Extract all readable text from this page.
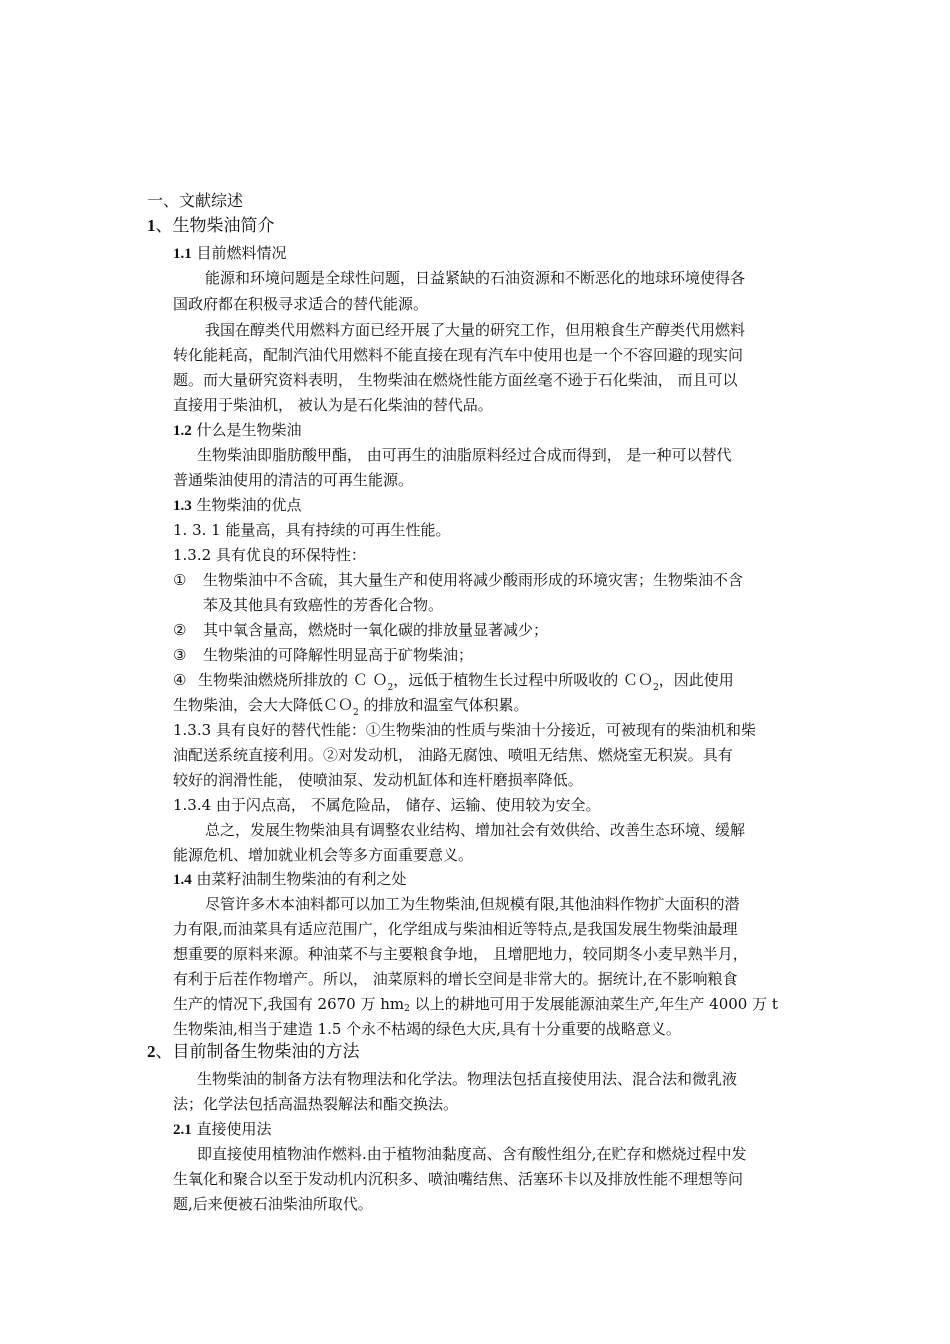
一、文献综述
1、生物柴油简介
1.1 目前燃料情况
能源和环境问题是全球性问题，日益紧缺的石油资源和不断恶化的地球环境使得各
国政府都在积极寻求适合的替代能源。
我国在醇类代用燃料方面已经开展了大量的研究工作，但用粮食生产醇类代用燃料
转化能耗高，配制汽油代用燃料不能直接在现有汽车中使用也是一个不容回避的现实问
题。而大量研究资料表明， 生物柴油在燃烧性能方面丝毫不逊于石化柴油， 而且可以
直接用于柴油机， 被认为是石化柴油的替代品。
1.2 什么是生物柴油
生物柴油即脂肪酸甲酯， 由可再生的油脂原料经过合成而得到， 是一种可以替代
普通柴油使用的清洁的可再生能源。
1.3 生物柴油的优点
1. 3. 1 能量高，具有持续的可再生性能。
1.3.2 具有优良的环保特性：
① 生物柴油中不含硫，其大量生产和使用将减少酸雨形成的环境灾害；生物柴油不含
苯及其他具有致癌性的芳香化合物。
② 其中氧含量高，燃烧时一氧化碳的排放量显著减少；
③ 生物柴油的可降解性明显高于矿物柴油；
④ 生物柴油燃烧所排放的 Ｃ Ｏ$_2$，远低于植物生长过程中所吸收的 ＣＯ$_2$，因此使用
生物柴油，会大大降低ＣＯ$_2$ 的排放和温室气体积累。
1.3.3 具有良好的替代性能：①生物柴油的性质与柴油十分接近，可被现有的柴油机和柴
油配送系统直接利用。②对发动机， 油路无腐蚀、喷咀无结焦、燃烧室无积炭。具有
较好的润滑性能， 使喷油泵、发动机缸体和连杆磨损率降低。
1.3.4 由于闪点高， 不属危险品， 储存、运输、使用较为安全。
总之，发展生物柴油具有调整农业结构、增加社会有效供给、改善生态环境、缓解
能源危机、增加就业机会等多方面重要意义。
1.4 由菜籽油制生物柴油的有利之处
尽管许多木本油料都可以加工为生物柴油,但规模有限,其他油料作物扩大面积的潜
力有限,而油菜具有适应范围广，化学组成与柴油相近等特点,是我国发展生物柴油最理
想重要的原料来源。种油菜不与主要粮食争地， 且增肥地力，较同期冬小麦早熟半月，
有利于后茬作物增产。所以， 油菜原料的增长空间是非常大的。据统计,在不影响粮食
生产的情况下,我国有 2670 万 $hm_2$ 以上的耕地可用于发展能源油菜生产,年生产 4000 万 t
生物柴油,相当于建造 1.5 个永不枯竭的绿色大庆,具有十分重要的战略意义。
2、目前制备生物柴油的方法
生物柴油的制备方法有物理法和化学法。物理法包括直接使用法、混合法和微乳液
法；化学法包括高温热裂解法和酯交换法。
2.1 直接使用法
即直接使用植物油作燃料.由于植物油黏度高、含有酸性组分,在贮存和燃烧过程中发
生氧化和聚合以至于发动机内沉积多、喷油嘴结焦、活塞环卡以及排放性能不理想等问
题,后来便被石油柴油所取代。
